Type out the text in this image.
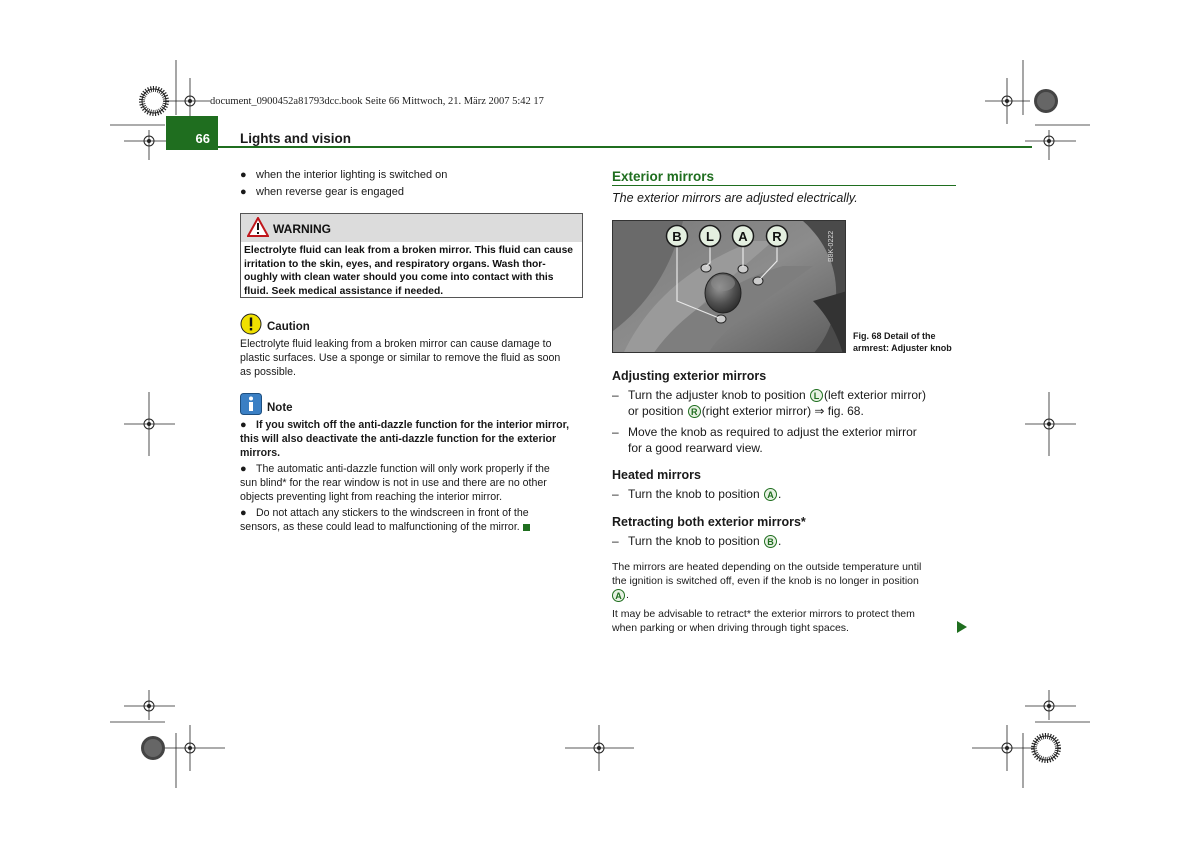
document_0900452a81793dcc.book Seite 66 Mittwoch, 21. März 2007 5:42 17
66 Lights and vision
● when the interior lighting is switched on
● when reverse gear is engaged
WARNING
Electrolyte fluid can leak from a broken mirror. This fluid can cause
irritation to the skin, eyes, and respiratory organs. Wash thor-
oughly with clean water should you come into contact with this
fluid. Seek medical assistance if needed.
Caution
Electrolyte fluid leaking from a broken mirror can cause damage to
plastic surfaces. Use a sponge or similar to remove the fluid as soon
as possible.
Note
● If you switch off the anti-dazzle function for the interior mirror,
this will also deactivate the anti-dazzle function for the exterior
mirrors.
● The automatic anti-dazzle function will only work properly if the
sun blind* for the rear window is not in use and there are no other
objects preventing light from reaching the interior mirror.
● Do not attach any stickers to the windscreen in front of the
sensors, as these could lead to malfunctioning of the mirror.
Exterior mirrors
The exterior mirrors are adjusted electrically.
B L A R	B8K-0222
Fig. 68 Detail of the
armrest: Adjuster knob
Adjusting exterior mirrors
– Turn the adjuster knob to position L (left exterior mirror)
or position R (right exterior mirror) ⇒ fig. 68.
– Move the knob as required to adjust the exterior mirror
for a good rearward view.
Heated mirrors
– Turn the knob to position A .
Retracting both exterior mirrors*
– Turn the knob to position B .
The mirrors are heated depending on the outside temperature until
the ignition is switched off, even if the knob is no longer in position
A .
It may be advisable to retract* the exterior mirrors to protect them
when parking or when driving through tight spaces.
